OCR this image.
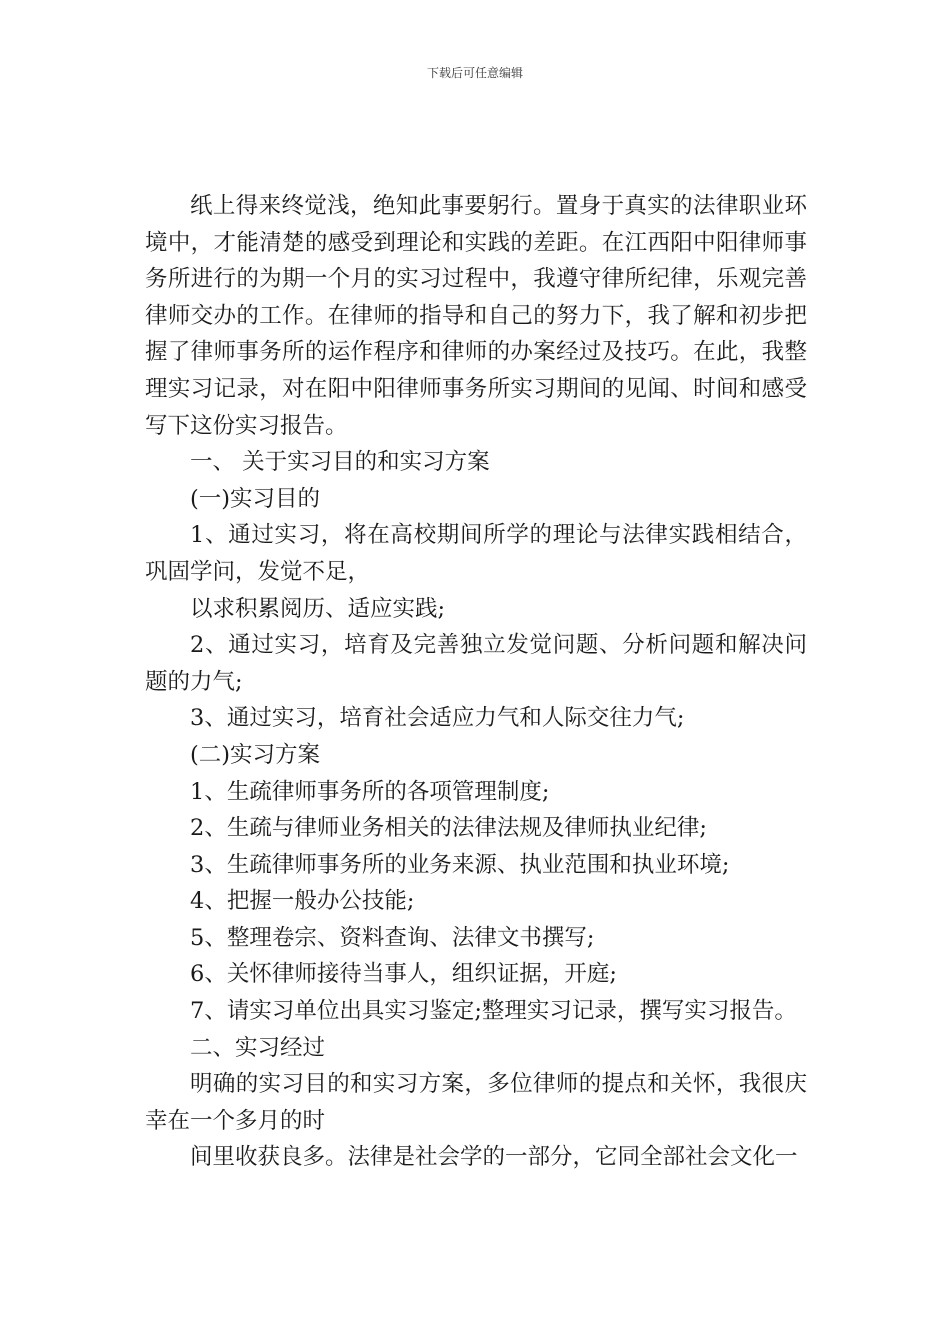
下载后可任意编辑

纸上得来终觉浅，绝知此事要躬行。置身于真实的法律职业环境中，才能清楚的感受到理论和实践的差距。在江西阳中阳律师事务所进行的为期一个月的实习过程中，我遵守律所纪律，乐观完善律师交办的工作。在律师的指导和自己的努力下，我了解和初步把握了律师事务所的运作程序和律师的办案经过及技巧。在此，我整理实习记录，对在阳中阳律师事务所实习期间的见闻、时间和感受写下这份实习报告。

一、 关于实习目的和实习方案

(一)实习目的

1、通过实习，将在高校期间所学的理论与法律实践相结合，巩固学问，发觉不足，

以求积累阅历、适应实践;

2、通过实习，培育及完善独立发觉问题、分析问题和解决问题的力气;

3、通过实习，培育社会适应力气和人际交往力气;

(二)实习方案

1、生疏律师事务所的各项管理制度;

2、生疏与律师业务相关的法律法规及律师执业纪律;

3、生疏律师事务所的业务来源、执业范围和执业环境;

4、把握一般办公技能;

5、整理卷宗、资料查询、法律文书撰写;

6、关怀律师接待当事人，组织证据，开庭;

7、请实习单位出具实习鉴定;整理实习记录，撰写实习报告。

二、实习经过

明确的实习目的和实习方案，多位律师的提点和关怀，我很庆幸在一个多月的时

间里收获良多。法律是社会学的一部分，它同全部社会文化一
